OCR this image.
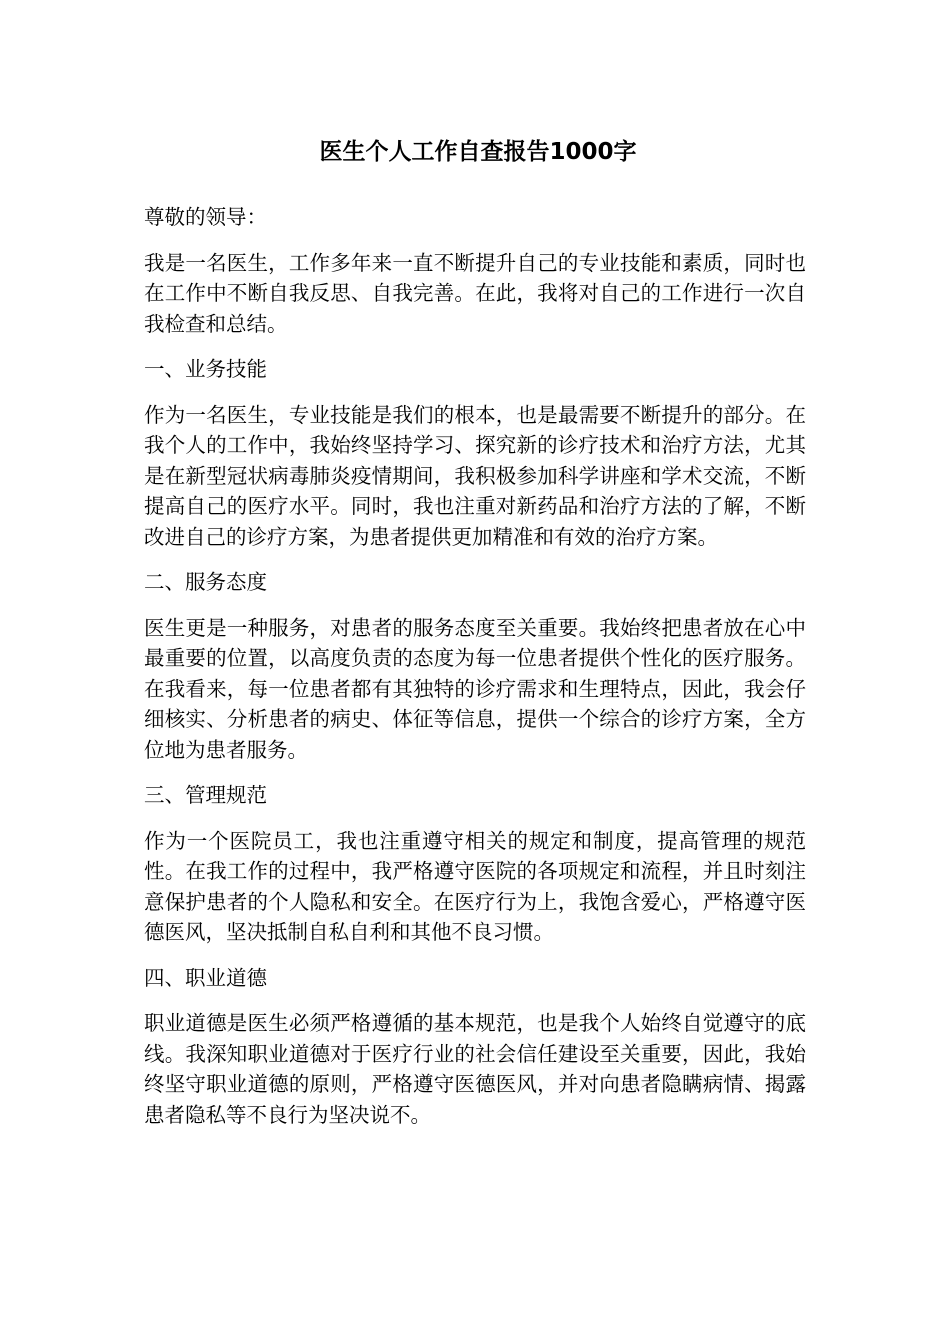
医生个人工作自查报告1000字
尊敬的领导：
我是一名医生，工作多年来一直不断提升自己的专业技能和素质，同时也在工作中不断自我反思、自我完善。在此，我将对自己的工作进行一次自我检查和总结。
一、业务技能
作为一名医生，专业技能是我们的根本，也是最需要不断提升的部分。在我个人的工作中，我始终坚持学习、探究新的诊疗技术和治疗方法，尤其是在新型冠状病毒肺炎疫情期间，我积极参加科学讲座和学术交流，不断提高自己的医疗水平。同时，我也注重对新药品和治疗方法的了解，不断改进自己的诊疗方案，为患者提供更加精准和有效的治疗方案。
二、服务态度
医生更是一种服务，对患者的服务态度至关重要。我始终把患者放在心中最重要的位置，以高度负责的态度为每一位患者提供个性化的医疗服务。在我看来，每一位患者都有其独特的诊疗需求和生理特点，因此，我会仔细核实、分析患者的病史、体征等信息，提供一个综合的诊疗方案，全方位地为患者服务。
三、管理规范
作为一个医院员工，我也注重遵守相关的规定和制度，提高管理的规范性。在我工作的过程中，我严格遵守医院的各项规定和流程，并且时刻注意保护患者的个人隐私和安全。在医疗行为上，我饱含爱心，严格遵守医德医风，坚决抵制自私自利和其他不良习惯。
四、职业道德
职业道德是医生必须严格遵循的基本规范，也是我个人始终自觉遵守的底线。我深知职业道德对于医疗行业的社会信任建设至关重要，因此，我始终坚守职业道德的原则，严格遵守医德医风，并对向患者隐瞒病情、揭露患者隐私等不良行为坚决说不。
